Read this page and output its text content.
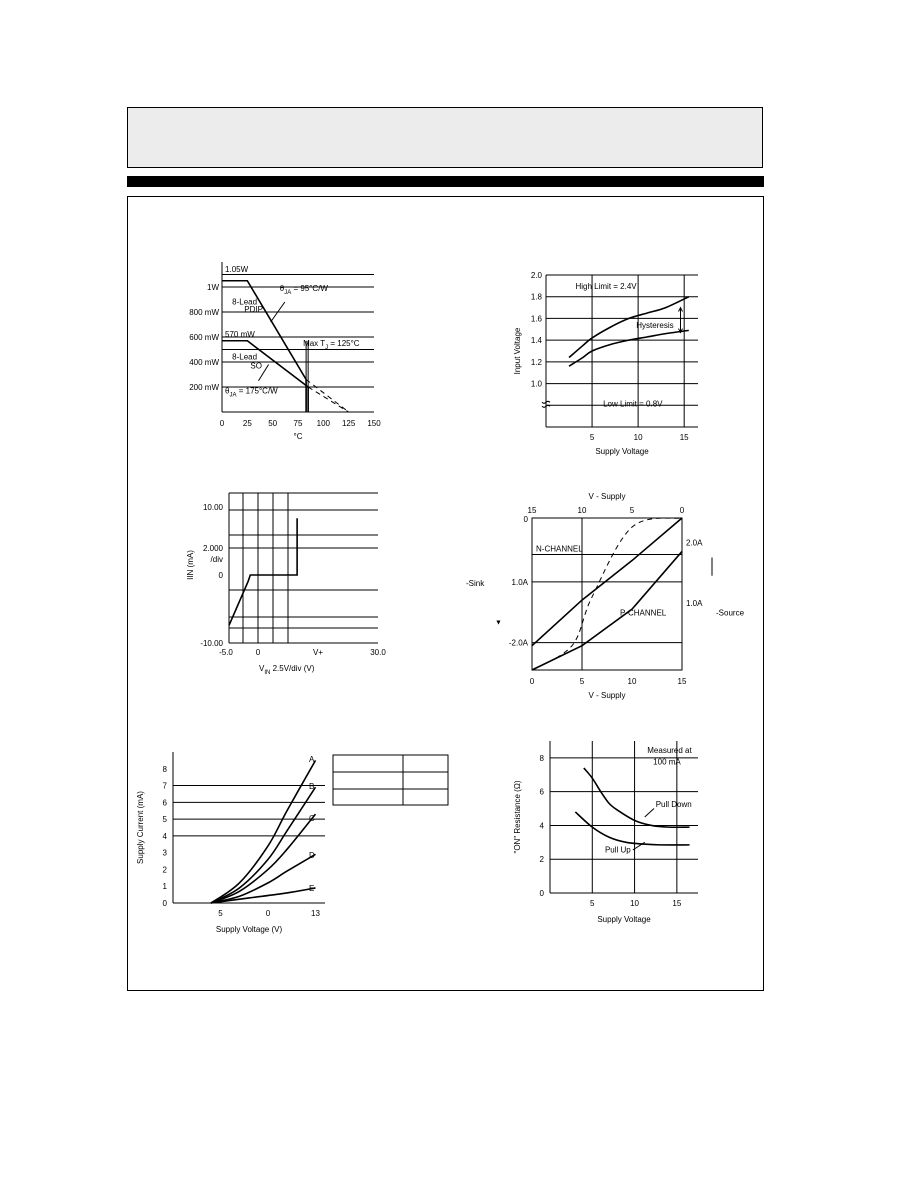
1W
800 mW
600 mW
400 mW
200 mW
0 25 50 75 100 125 150
°C
1.05W
$\theta_{JA} = 95^\circ C/W$
8-Lead
PDIP
570 mW
Max $T_J = 125^\circ C$
8-Lead
SO
$\theta_{JA} = 175^\circ C/W$
1.0
1.2
1.4
1.6
1.8
2.0
5	10	15
Supply Voltage
Input Voltage
High Limit = 2.4V
Hysteresis
Low Limit = 0.8V
10.00
2.000
/div
0
-10.00
-5.0	0	V+	30.0
$V_{IN}$ 2.5V/div (V)
IIN (mA)
0	5	10	15
15	10	5	0
V - Supply
V - Supply
0
1.0A
-2.0A
2.0A
1.0A
-Sink
-Source
▼
N-CHANNEL
P-CHANNEL
0
1
2
3
4
5
6
7
8
5	0	13
A
B
C
D
E
Supply Voltage (V)
Supply Current (mA)
0
2
4
6
8
5	10	15
Measured at
100 mA
Pull Down
Pull Up
Supply Voltage
"ON" Resistance (Ω)
